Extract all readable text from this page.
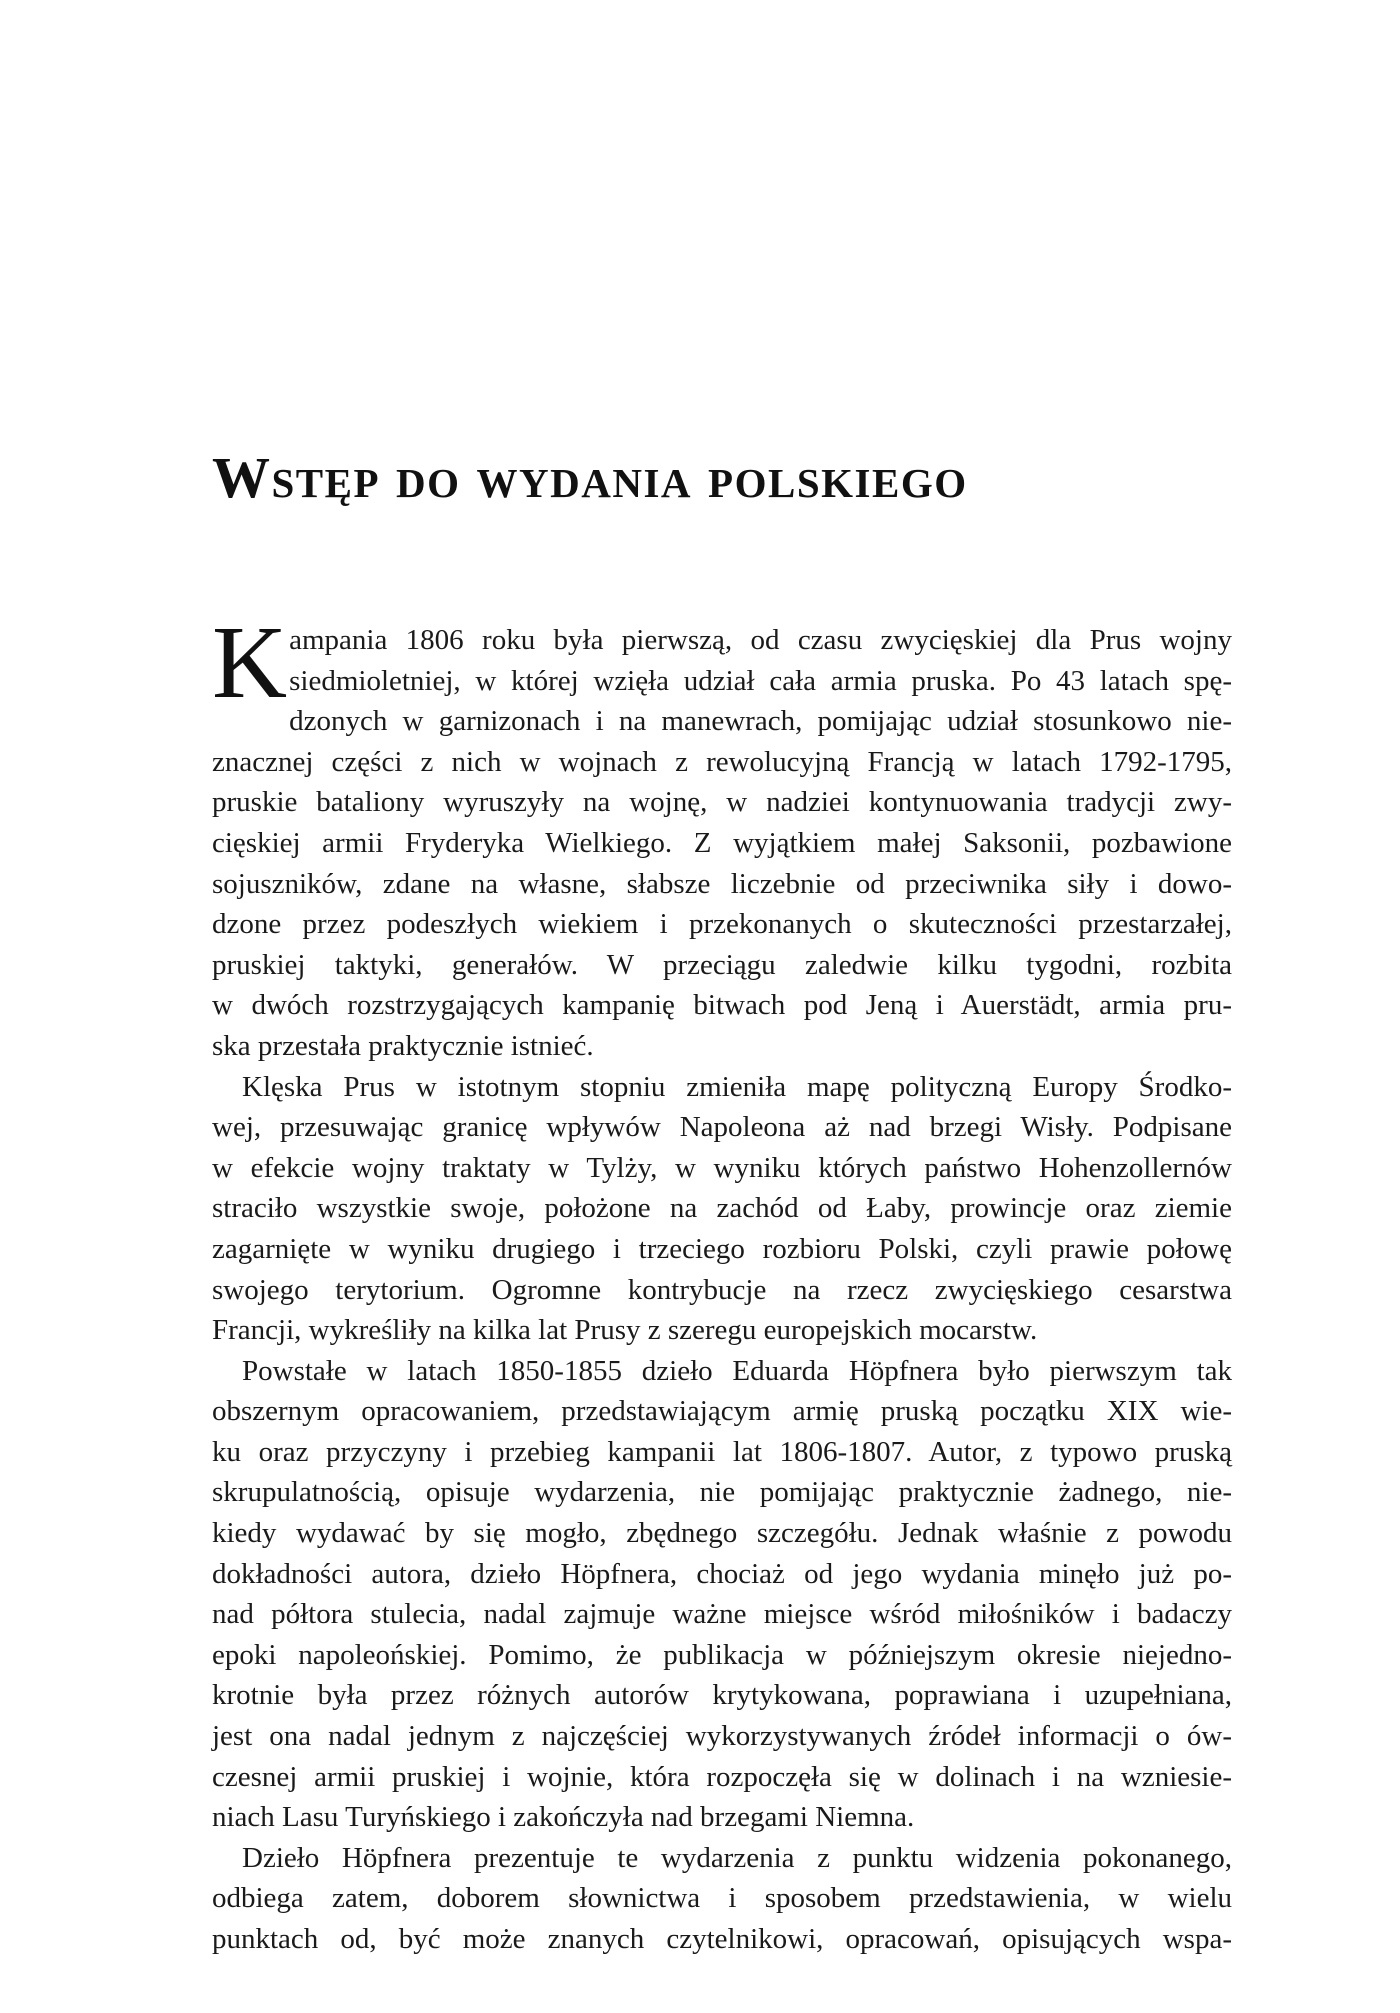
Wstęp do wydania polskiego
K ampania 1806 roku była pierwszą, od czasu zwycięskiej dla Prus wojny
siedmioletniej, w której wzięła udział cała armia pruska. Po 43 latach spę-
dzonych w garnizonach i na manewrach, pomijając udział stosunkowo nie-
znacznej części z nich w wojnach z rewolucyjną Francją w latach 1792-1795,
pruskie bataliony wyruszyły na wojnę, w nadziei kontynuowania tradycji zwy-
cięskiej armii Fryderyka Wielkiego. Z wyjątkiem małej Saksonii, pozbawione
sojuszników, zdane na własne, słabsze liczebnie od przeciwnika siły i dowo-
dzone przez podeszłych wiekiem i przekonanych o skuteczności przestarzałej,
pruskiej taktyki, generałów. W przeciągu zaledwie kilku tygodni, rozbita
w dwóch rozstrzygających kampanię bitwach pod Jeną i Auerstädt, armia pru-
ska przestała praktycznie istnieć.
Klęska Prus w istotnym stopniu zmieniła mapę polityczną Europy Środko-
wej, przesuwając granicę wpływów Napoleona aż nad brzegi Wisły. Podpisane
w efekcie wojny traktaty w Tylży, w wyniku których państwo Hohenzollernów
straciło wszystkie swoje, położone na zachód od Łaby, prowincje oraz ziemie
zagarnięte w wyniku drugiego i trzeciego rozbioru Polski, czyli prawie połowę
swojego terytorium. Ogromne kontrybucje na rzecz zwycięskiego cesarstwa
Francji, wykreśliły na kilka lat Prusy z szeregu europejskich mocarstw.
Powstałe w latach 1850-1855 dzieło Eduarda Höpfnera było pierwszym tak
obszernym opracowaniem, przedstawiającym armię pruską początku XIX wie-
ku oraz przyczyny i przebieg kampanii lat 1806-1807. Autor, z typowo pruską
skrupulatnością, opisuje wydarzenia, nie pomijając praktycznie żadnego, nie-
kiedy wydawać by się mogło, zbędnego szczegółu. Jednak właśnie z powodu
dokładności autora, dzieło Höpfnera, chociaż od jego wydania minęło już po-
nad półtora stulecia, nadal zajmuje ważne miejsce wśród miłośników i badaczy
epoki napoleońskiej. Pomimo, że publikacja w późniejszym okresie niejedno-
krotnie była przez różnych autorów krytykowana, poprawiana i uzupełniana,
jest ona nadal jednym z najczęściej wykorzystywanych źródeł informacji o ów-
czesnej armii pruskiej i wojnie, która rozpoczęła się w dolinach i na wzniesie-
niach Lasu Turyńskiego i zakończyła nad brzegami Niemna.
Dzieło Höpfnera prezentuje te wydarzenia z punktu widzenia pokonanego,
odbiega zatem, doborem słownictwa i sposobem przedstawienia, w wielu
punktach od, być może znanych czytelnikowi, opracowań, opisujących wspa-
